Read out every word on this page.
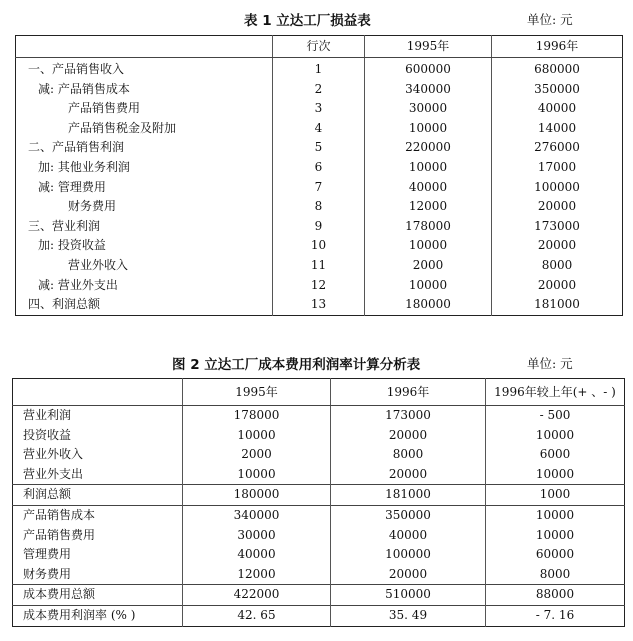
表 1 立达工厂损益表	单位: 元
	行次	1995年	1996年
一、产品销售收入	1	600000	680000
减: 产品销售成本	2	340000	350000
产品销售费用	3	30000	40000
产品销售税金及附加	4	10000	14000
二、产品销售利润	5	220000	276000
加: 其他业务利润	6	10000	17000
减: 管理费用	7	40000	100000
财务费用	8	12000	20000
三、营业利润	9	178000	173000
加: 投资收益	10	10000	20000
营业外收入	11	2000	8000
减: 营业外支出	12	10000	20000
四、利润总额	13	180000	181000
图 2 立达工厂成本费用利润率计算分析表	单位: 元
	1995年	1996年	1996年较上年(+ 、- )
营业利润	178000	173000	- 500
投资收益	10000	20000	10000
营业外收入	2000	8000	6000
营业外支出	10000	20000	10000
利润总额	180000	181000	1000
产品销售成本	340000	350000	10000
产品销售费用	30000	40000	10000
管理费用	40000	100000	60000
财务费用	12000	20000	8000
成本费用总额	422000	510000	88000
成本费用利润率 (% )	42. 65	35. 49	- 7. 16
